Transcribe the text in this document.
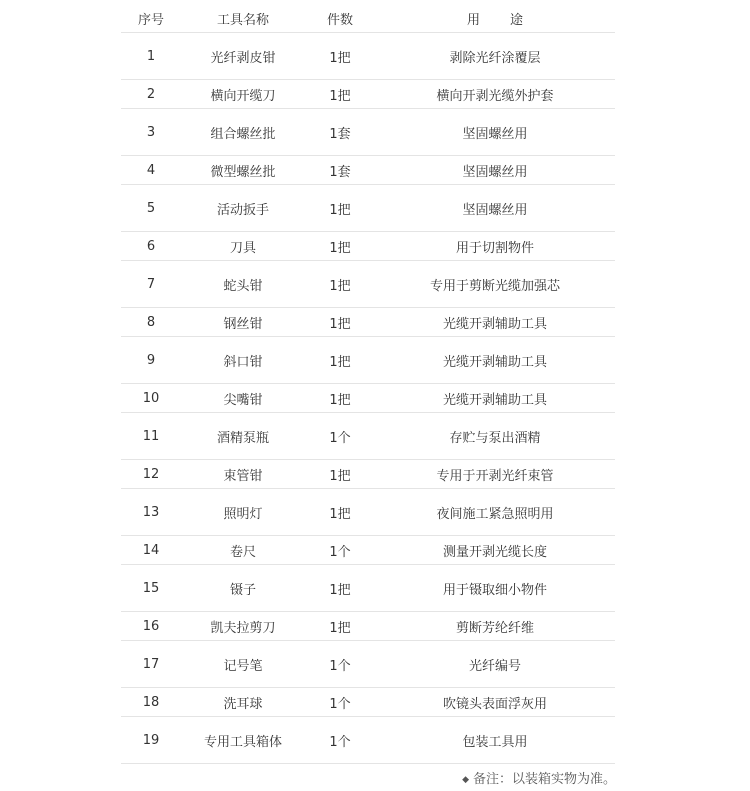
序号	工具名称	件数	用 途
1	光纤剥皮钳	1把	剥除光纤涂覆层
2	横向开缆刀	1把	横向开剥光缆外护套
3	组合螺丝批	1套	坚固螺丝用
4	微型螺丝批	1套	坚固螺丝用
5	活动扳手	1把	坚固螺丝用
6	刀具	1把	用于切割物件
7	蛇头钳	1把	专用于剪断光缆加强芯
8	钢丝钳	1把	光缆开剥辅助工具
9	斜口钳	1把	光缆开剥辅助工具
10	尖嘴钳	1把	光缆开剥辅助工具
11	酒精泵瓶	1个	存贮与泵出酒精
12	束管钳	1把	专用于开剥光纤束管
13	照明灯	1把	夜间施工紧急照明用
14	卷尺	1个	测量开剥光缆长度
15	镊子	1把	用于镊取细小物件
16	凯夫拉剪刀	1把	剪断芳纶纤维
17	记号笔	1个	光纤编号
18	洗耳球	1个	吹镜头表面浮灰用
19	专用工具箱体	1个	包装工具用
◆ 备注：以装箱实物为准。
